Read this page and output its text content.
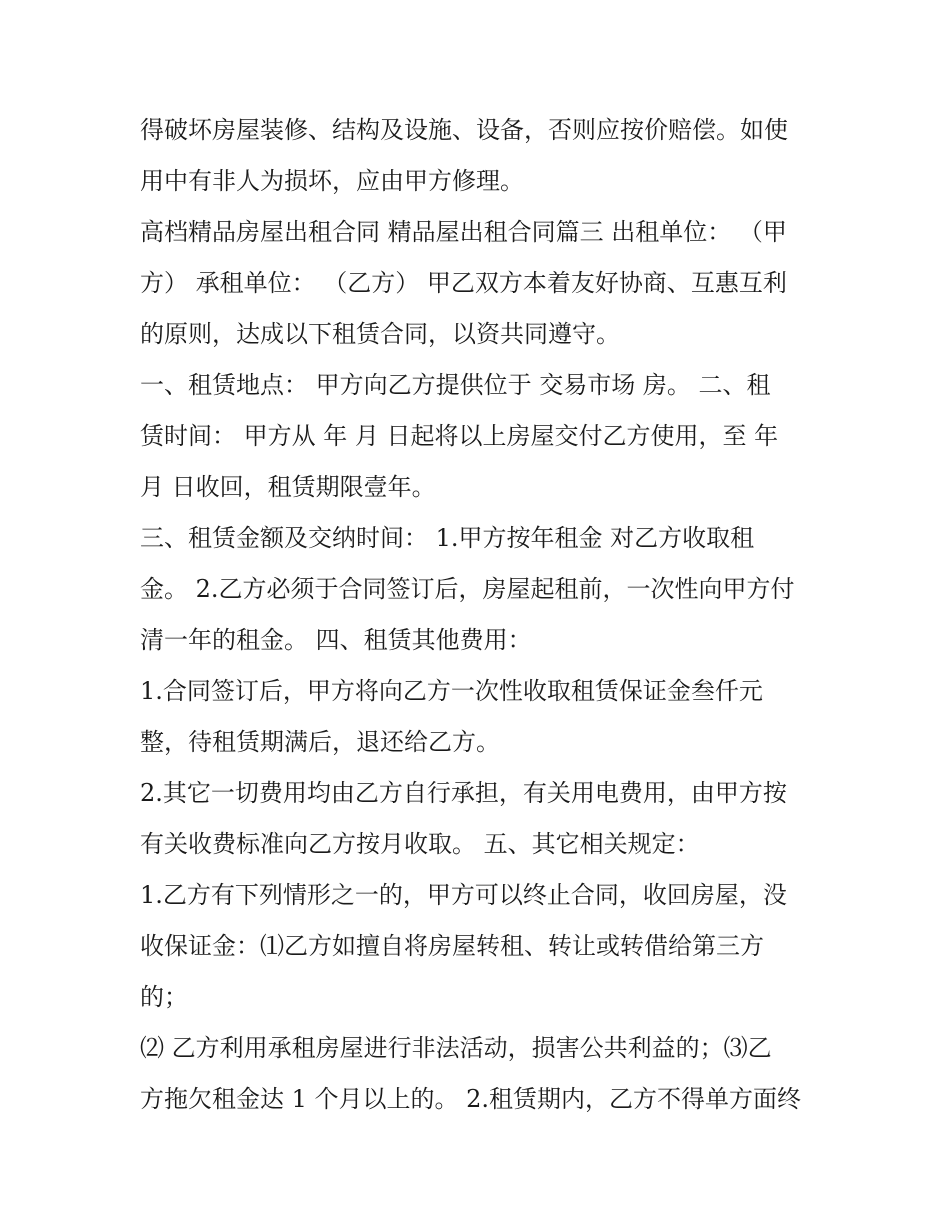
得破坏房屋装修、结构及设施、设备，否则应按价赔偿。如使
用中有非人为损坏，应由甲方修理。

高档精品房屋出租合同 精品屋出租合同篇三 出租单位： （甲
方） 承租单位： （乙方） 甲乙双方本着友好协商、互惠互利
的原则，达成以下租赁合同，以资共同遵守。

一、租赁地点： 甲方向乙方提供位于 交易市场 房。 二、租
赁时间： 甲方从 年 月 日起将以上房屋交付乙方使用，至 年
月 日收回，租赁期限壹年。

三、租赁金额及交纳时间： 1.甲方按年租金 对乙方收取租
金。 2.乙方必须于合同签订后，房屋起租前，一次性向甲方付
清一年的租金。 四、租赁其他费用：

1.合同签订后，甲方将向乙方一次性收取租赁保证金叁仟元
整，待租赁期满后，退还给乙方。

2.其它一切费用均由乙方自行承担，有关用电费用，由甲方按
有关收费标准向乙方按月收取。 五、其它相关规定：

1.乙方有下列情形之一的，甲方可以终止合同，收回房屋，没
收保证金：⑴乙方如擅自将房屋转租、转让或转借给第三方
的；

⑵ 乙方利用承租房屋进行非法活动，损害公共利益的；⑶乙
方拖欠租金达 1 个月以上的。 2.租赁期内，乙方不得单方面终
